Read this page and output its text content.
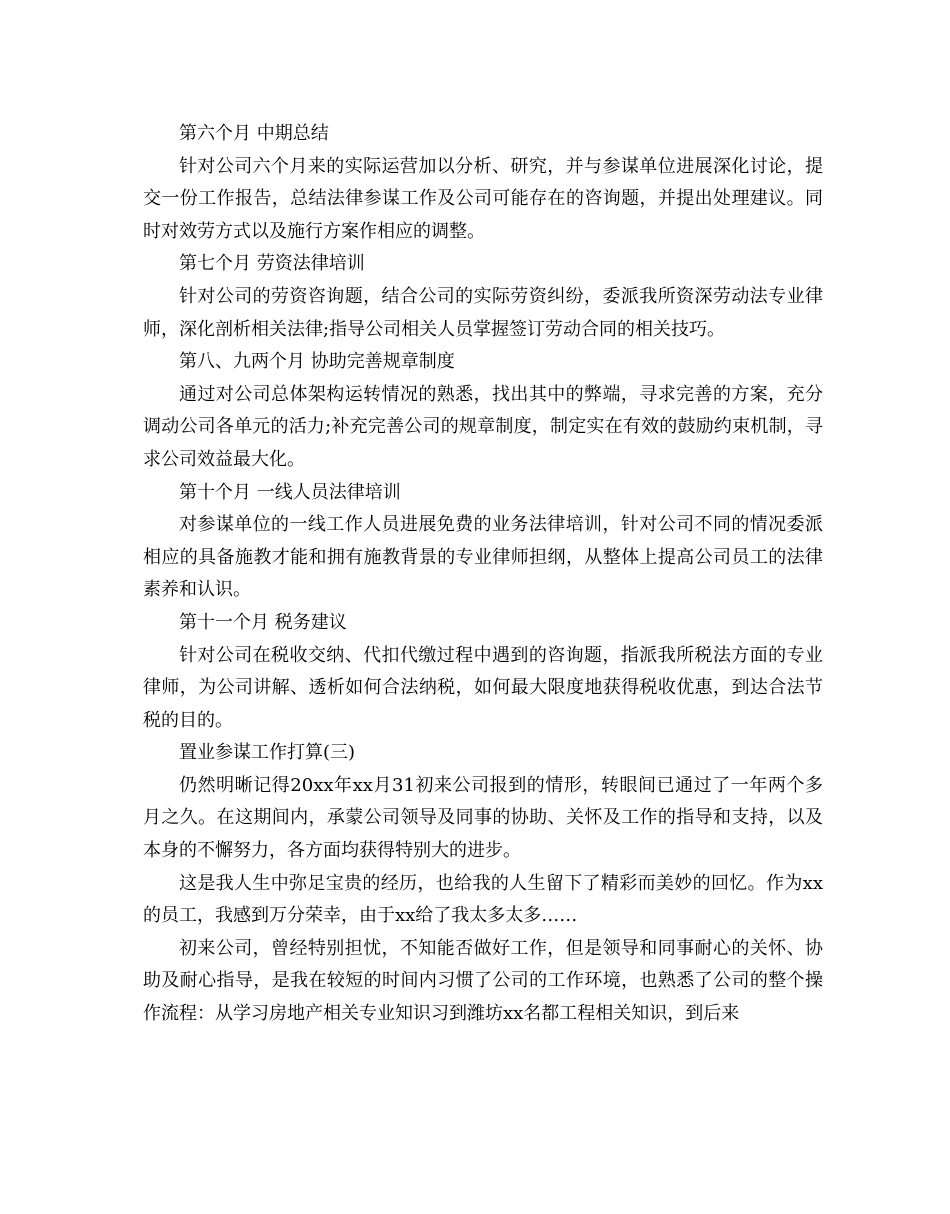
第六个月 中期总结

针对公司六个月来的实际运营加以分析、研究，并与参谋单位进展深化讨论，提交一份工作报告，总结法律参谋工作及公司可能存在的咨询题，并提出处理建议。同时对效劳方式以及施行方案作相应的调整。

第七个月 劳资法律培训

针对公司的劳资咨询题，结合公司的实际劳资纠纷，委派我所资深劳动法专业律师，深化剖析相关法律;指导公司相关人员掌握签订劳动合同的相关技巧。

第八、九两个月 协助完善规章制度

通过对公司总体架构运转情况的熟悉，找出其中的弊端，寻求完善的方案，充分调动公司各单元的活力;补充完善公司的规章制度，制定实在有效的鼓励约束机制，寻求公司效益最大化。

第十个月 一线人员法律培训

对参谋单位的一线工作人员进展免费的业务法律培训，针对公司不同的情况委派相应的具备施教才能和拥有施教背景的专业律师担纲，从整体上提高公司员工的法律素养和认识。

第十一个月 税务建议

针对公司在税收交纳、代扣代缴过程中遇到的咨询题，指派我所税法方面的专业律师，为公司讲解、透析如何合法纳税，如何最大限度地获得税收优惠，到达合法节税的目的。

置业参谋工作打算(三)

仍然明晰记得20xx年xx月31初来公司报到的情形，转眼间已通过了一年两个多月之久。在这期间内，承蒙公司领导及同事的协助、关怀及工作的指导和支持，以及本身的不懈努力，各方面均获得特别大的进步。

这是我人生中弥足宝贵的经历，也给我的人生留下了精彩而美妙的回忆。作为xx的员工，我感到万分荣幸，由于xx给了我太多太多……

初来公司，曾经特别担忧，不知能否做好工作，但是领导和同事耐心的关怀、协助及耐心指导，是我在较短的时间内习惯了公司的工作环境，也熟悉了公司的整个操作流程：从学习房地产相关专业知识习到潍坊xx名都工程相关知识，到后来
